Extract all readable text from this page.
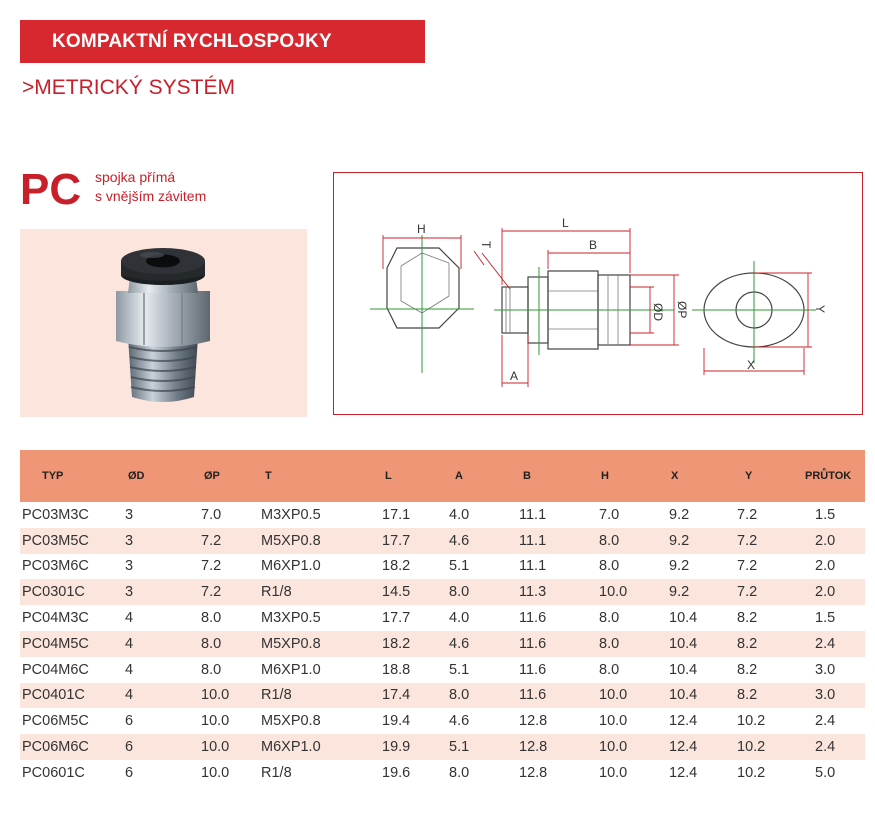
KOMPAKTNÍ RYCHLOSPOJKY
>METRICKÝ SYSTÉM
PC spojka přímá
s vnějším závitem
H	L
B
T
A
ØD ØP
X
Y
TYP	ØD	ØP	T	L	A	B	H	X	Y	PRŮTOK
PC03M3C	3	7.0	M3XP0.5	17.1	4.0	11.1	7.0	9.2	7.2	1.5
PC03M5C	3	7.2	M5XP0.8	17.7	4.6	11.1	8.0	9.2	7.2	2.0
PC03M6C	3	7.2	M6XP1.0	18.2	5.1	11.1	8.0	9.2	7.2	2.0
PC0301C	3	7.2	R1/8	14.5	8.0	11.3	10.0	9.2	7.2	2.0
PC04M3C	4	8.0	M3XP0.5	17.7	4.0	11.6	8.0	10.4	8.2	1.5
PC04M5C	4	8.0	M5XP0.8	18.2	4.6	11.6	8.0	10.4	8.2	2.4
PC04M6C	4	8.0	M6XP1.0	18.8	5.1	11.6	8.0	10.4	8.2	3.0
PC0401C	4	10.0	R1/8	17.4	8.0	11.6	10.0	10.4	8.2	3.0
PC06M5C	6	10.0	M5XP0.8	19.4	4.6	12.8	10.0	12.4	10.2	2.4
PC06M6C	6	10.0	M6XP1.0	19.9	5.1	12.8	10.0	12.4	10.2	2.4
PC0601C	6	10.0	R1/8	19.6	8.0	12.8	10.0	12.4	10.2	5.0
